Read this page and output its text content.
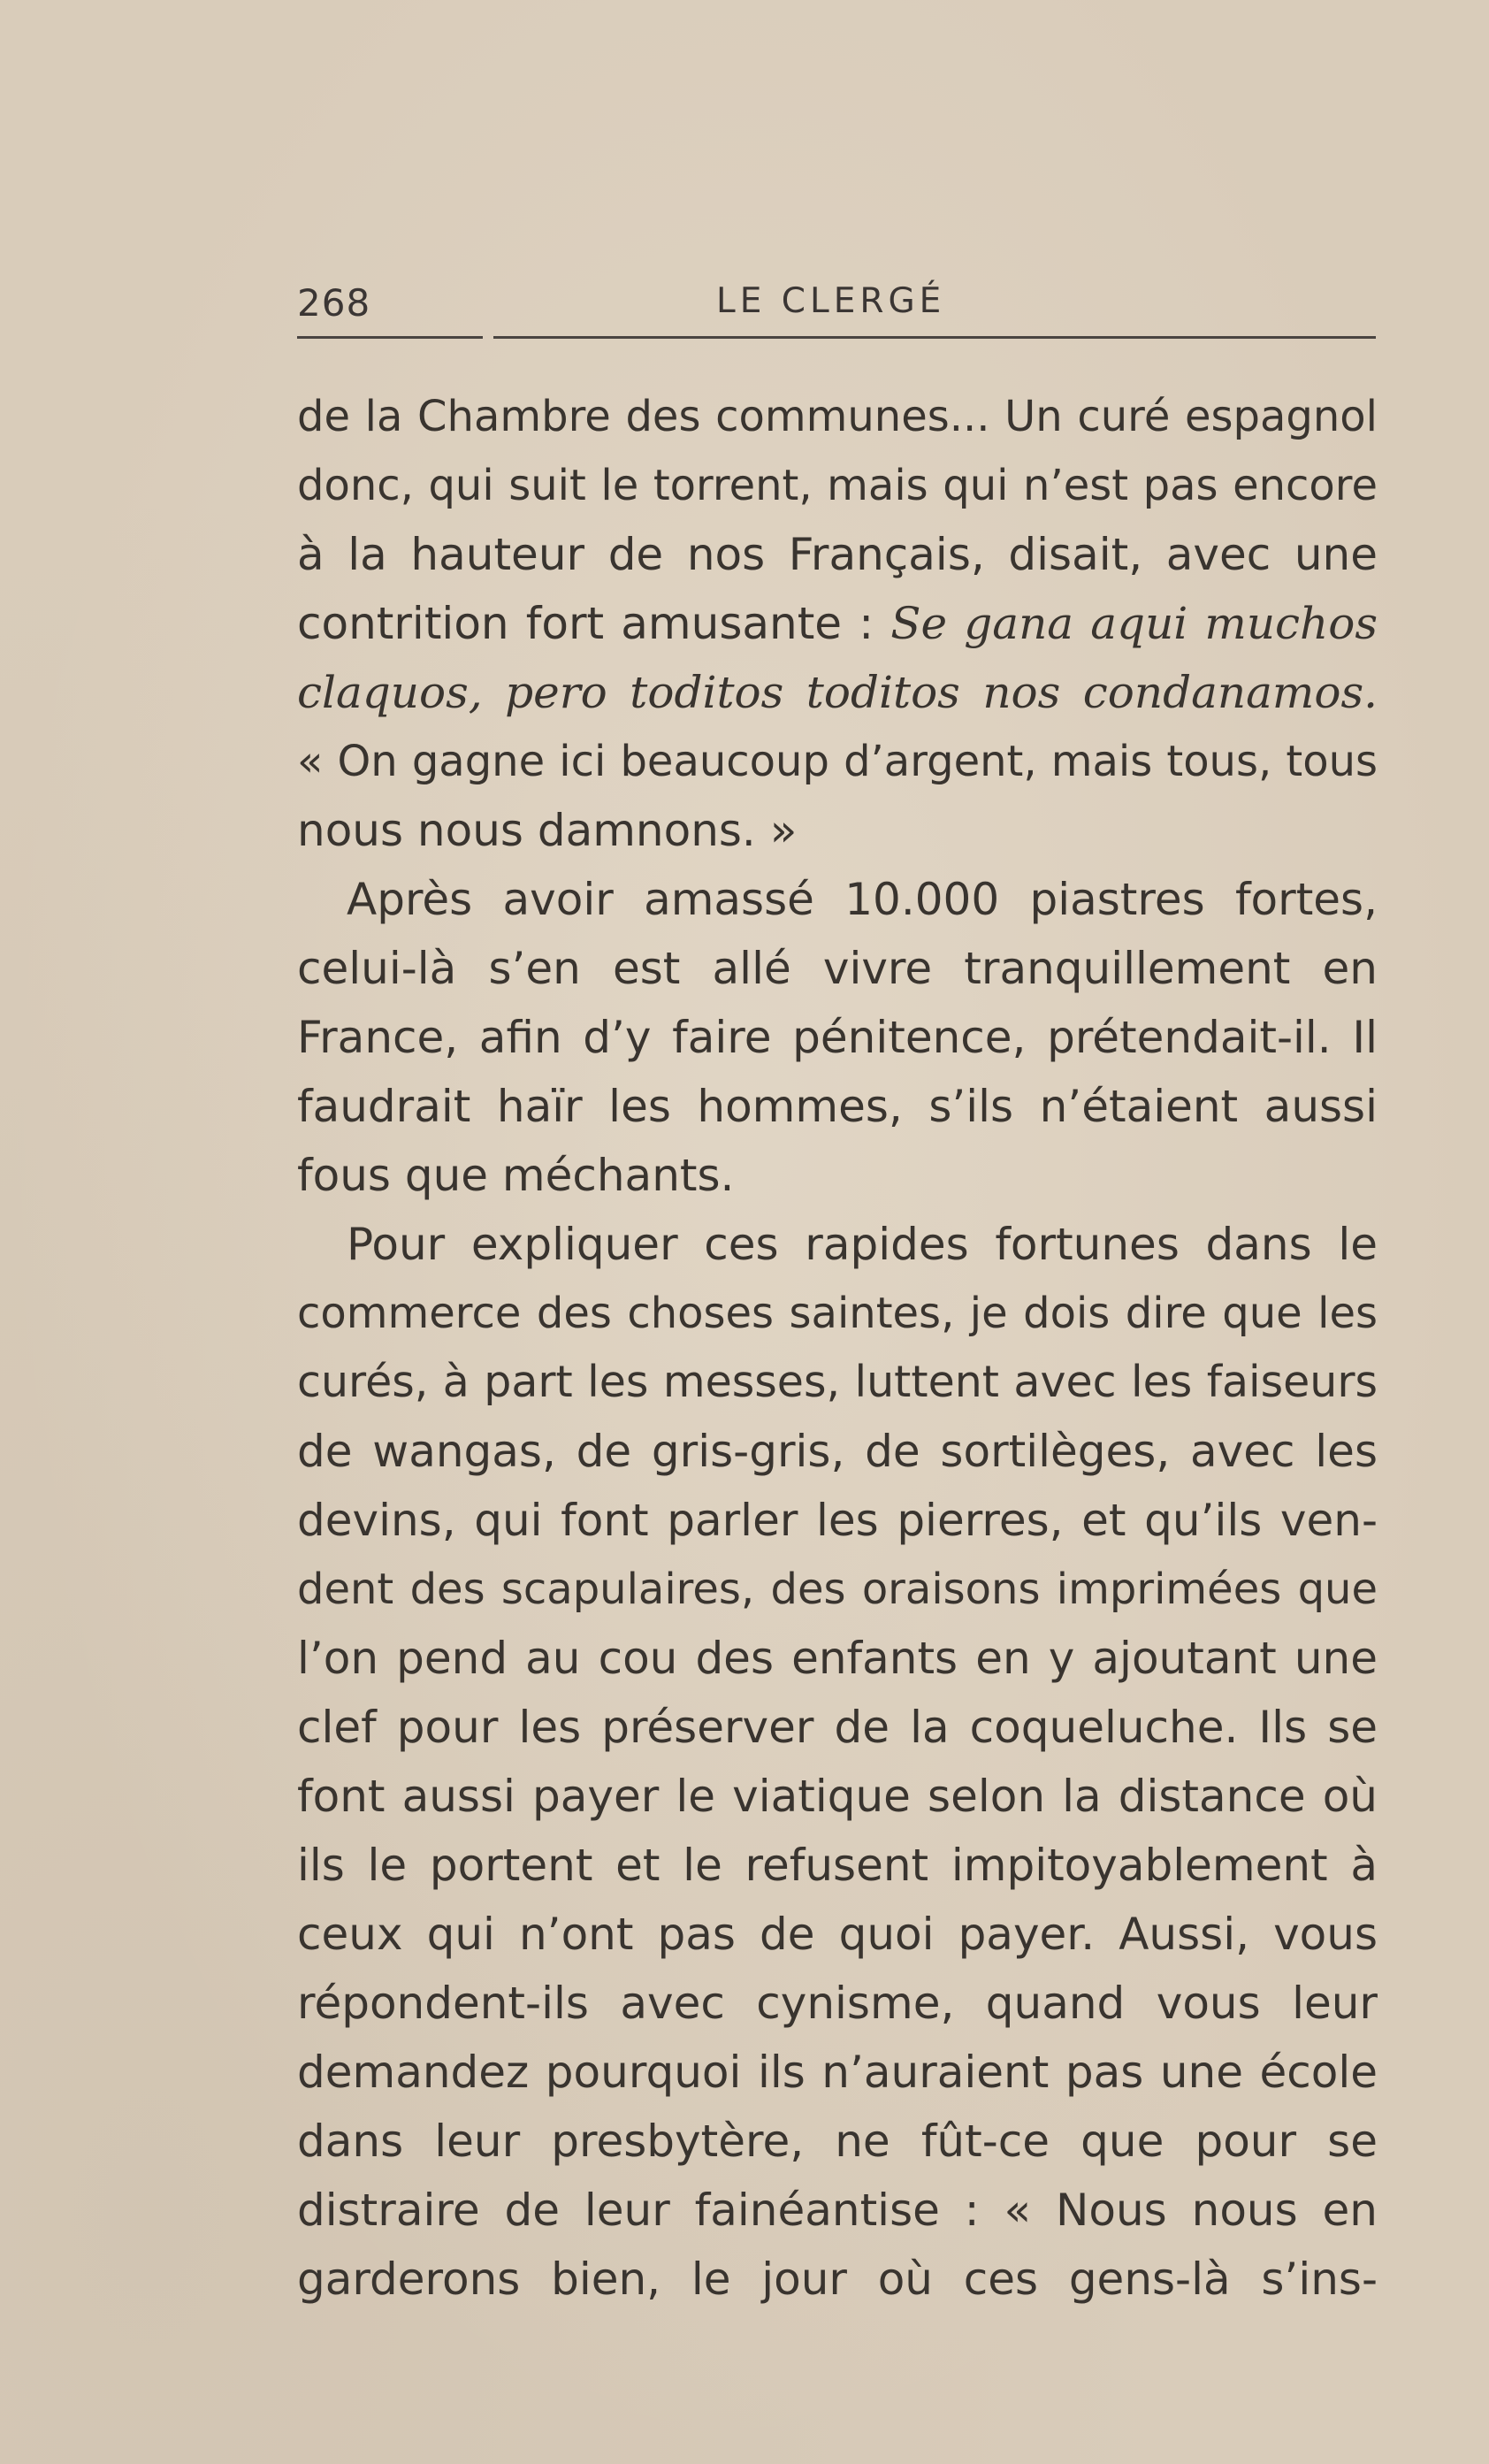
268	LE CLERGÉ
de la Chambre des communes... Un curé espagnol
donc, qui suit le torrent, mais qui n’est pas encore
à la hauteur de nos Français, disait, avec une
contrition fort amusante : Se gana aqui muchos
claquos, pero toditos toditos nos condanamos.
« On gagne ici beaucoup d’argent, mais tous, tous
nous nous damnons. »
Après avoir amassé 10.000 piastres fortes,
celui-là s’en est allé vivre tranquillement en
France, afin d’y faire pénitence, prétendait-il. Il
faudrait haïr les hommes, s’ils n’étaient aussi
fous que méchants.
Pour expliquer ces rapides fortunes dans le
commerce des choses saintes, je dois dire que les
curés, à part les messes, luttent avec les faiseurs
de wangas, de gris-gris, de sortilèges, avec les
devins, qui font parler les pierres, et qu’ils ven-
dent des scapulaires, des oraisons imprimées que
l’on pend au cou des enfants en y ajoutant une
clef pour les préserver de la coqueluche. Ils se
font aussi payer le viatique selon la distance où
ils le portent et le refusent impitoyablement à
ceux qui n’ont pas de quoi payer. Aussi, vous
répondent-ils avec cynisme, quand vous leur
demandez pourquoi ils n’auraient pas une école
dans leur presbytère, ne fût-ce que pour se
distraire de leur fainéantise : « Nous nous en
garderons bien, le jour où ces gens-là s’ins-
